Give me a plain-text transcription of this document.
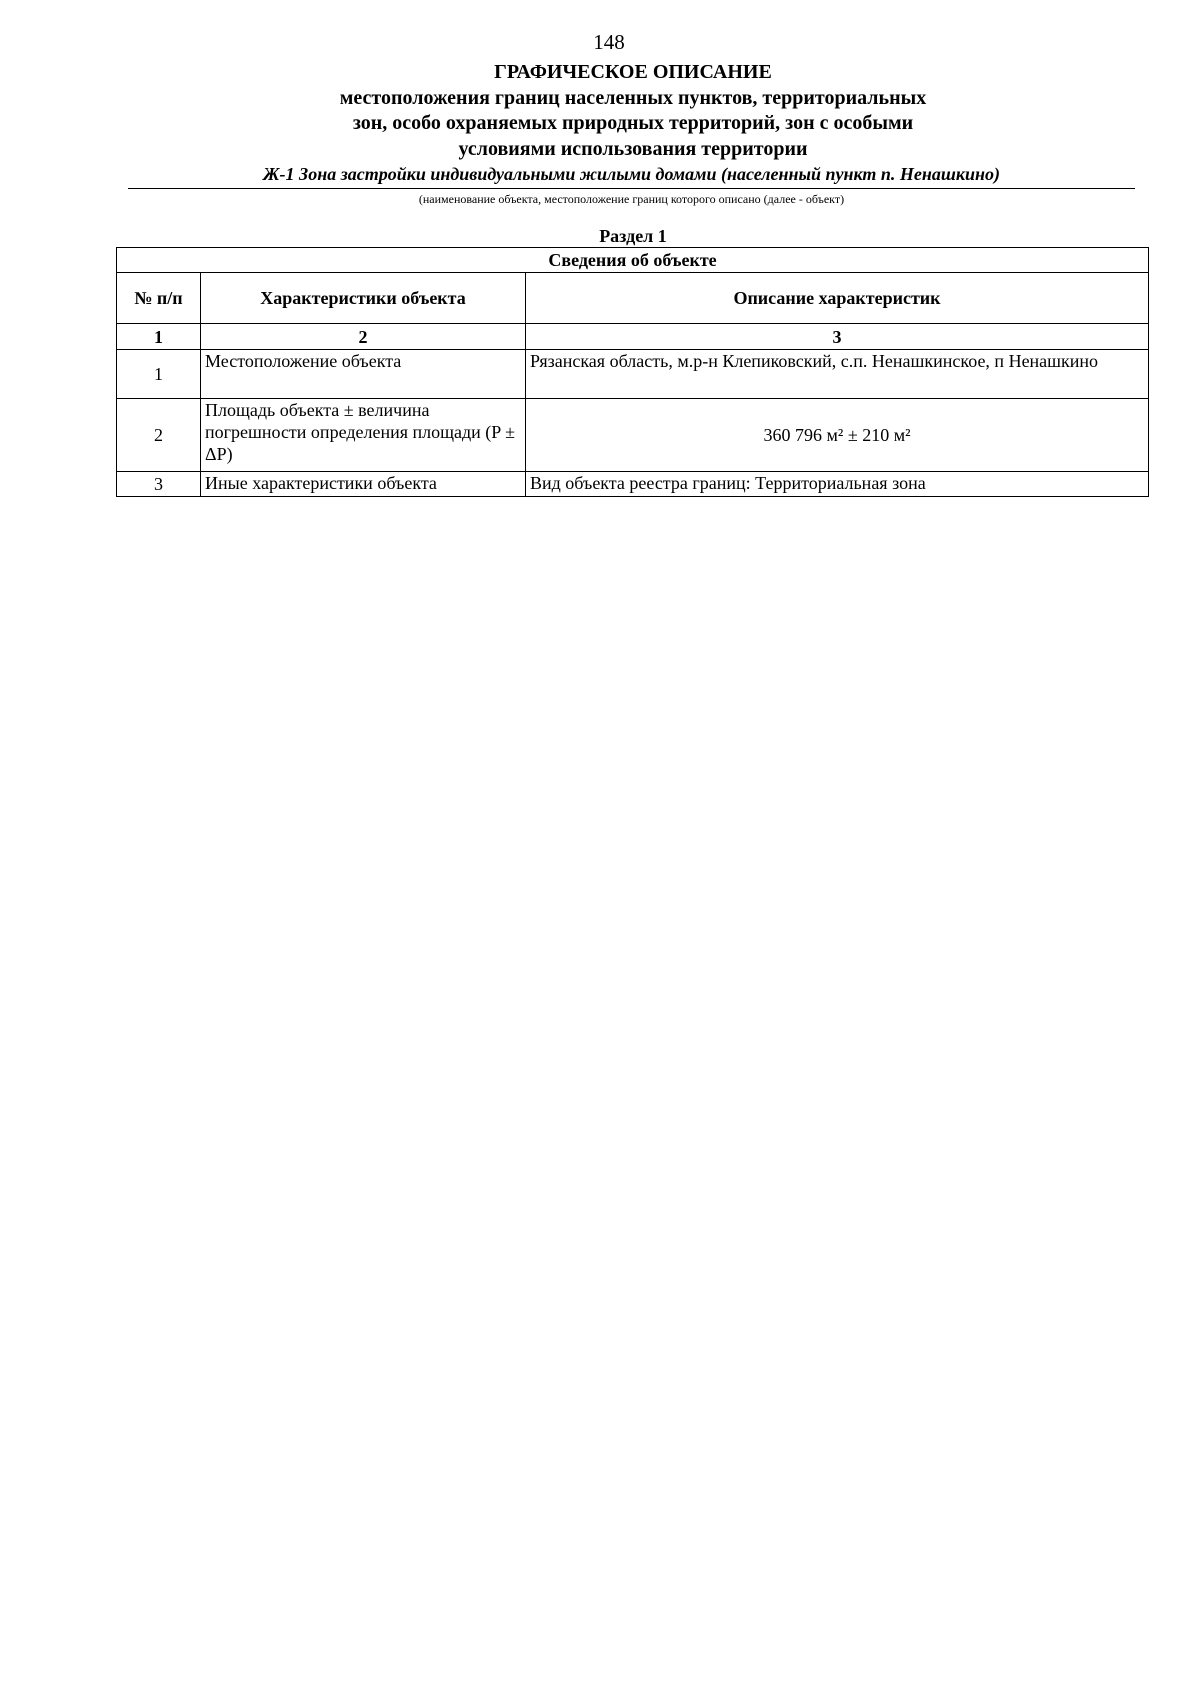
148
ГРАФИЧЕСКОЕ ОПИСАНИЕ
местоположения границ населенных пунктов, территориальных
зон, особо охраняемых природных территорий, зон с особыми
условиями использования территории
Ж-1 Зона застройки индивидуальными жилыми домами (населенный пункт п. Ненашкино)
(наименование объекта, местоположение границ которого описано (далее - объект)
Раздел 1
Сведения об объекте		
№ п/п	Характеристики объекта	Описание характеристик
1	2	3
1	Местоположение объекта	Рязанская область, м.р-н Клепиковский, с.п. Ненашкинское, п Ненашкино
2	Площадь объекта ± величина погрешности определения площади (P ± ΔP)	360 796 м² ± 210 м²
3	Иные характеристики объекта	Вид объекта реестра границ: Территориальная зона
